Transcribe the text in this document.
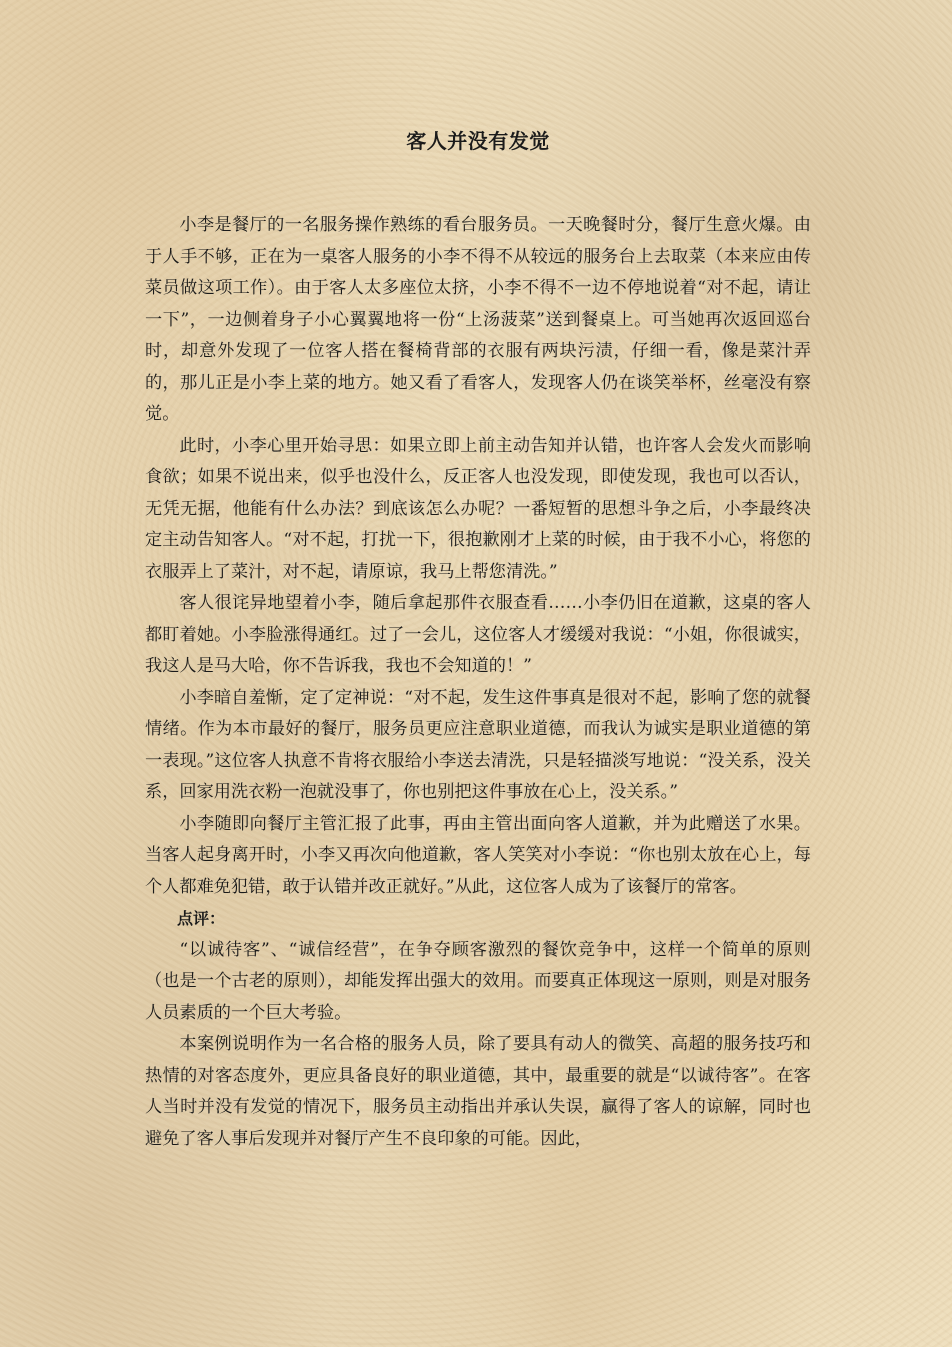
客人并没有发觉

小李是餐厅的一名服务操作熟练的看台服务员。一天晚餐时分，餐厅生意火爆。由于人手不够，正在为一桌客人服务的小李不得不从较远的服务台上去取菜（本来应由传菜员做这项工作）。由于客人太多座位太挤，小李不得不一边不停地说着“对不起，请让一下”，一边侧着身子小心翼翼地将一份“上汤菠菜”送到餐桌上。可当她再次返回巡台时，却意外发现了一位客人搭在餐椅背部的衣服有两块污渍，仔细一看，像是菜汁弄的，那儿正是小李上菜的地方。她又看了看客人，发现客人仍在谈笑举杯，丝毫没有察觉。

此时，小李心里开始寻思：如果立即上前主动告知并认错，也许客人会发火而影响食欲；如果不说出来，似乎也没什么，反正客人也没发现，即使发现，我也可以否认，无凭无据，他能有什么办法？到底该怎么办呢？一番短暂的思想斗争之后，小李最终决定主动告知客人。“对不起，打扰一下，很抱歉刚才上菜的时候，由于我不小心，将您的衣服弄上了菜汁，对不起，请原谅，我马上帮您清洗。”

客人很诧异地望着小李，随后拿起那件衣服查看……小李仍旧在道歉，这桌的客人都盯着她。小李脸涨得通红。过了一会儿，这位客人才缓缓对我说：“小姐，你很诚实，我这人是马大哈，你不告诉我，我也不会知道的！”

小李暗自羞惭，定了定神说：“对不起，发生这件事真是很对不起，影响了您的就餐情绪。作为本市最好的餐厅，服务员更应注意职业道德，而我认为诚实是职业道德的第一表现。”这位客人执意不肯将衣服给小李送去清洗，只是轻描淡写地说：“没关系，没关系，回家用洗衣粉一泡就没事了，你也别把这件事放在心上，没关系。”

小李随即向餐厅主管汇报了此事，再由主管出面向客人道歉，并为此赠送了水果。当客人起身离开时，小李又再次向他道歉，客人笑笑对小李说：“你也别太放在心上，每个人都难免犯错，敢于认错并改正就好。”从此，这位客人成为了该餐厅的常客。

点评：

“以诚待客”、“诚信经营”，在争夺顾客激烈的餐饮竞争中，这样一个简单的原则（也是一个古老的原则），却能发挥出强大的效用。而要真正体现这一原则，则是对服务人员素质的一个巨大考验。

本案例说明作为一名合格的服务人员，除了要具有动人的微笑、高超的服务技巧和热情的对客态度外，更应具备良好的职业道德，其中，最重要的就是“以诚待客”。在客人当时并没有发觉的情况下，服务员主动指出并承认失误，赢得了客人的谅解，同时也避免了客人事后发现并对餐厅产生不良印象的可能。因此，
